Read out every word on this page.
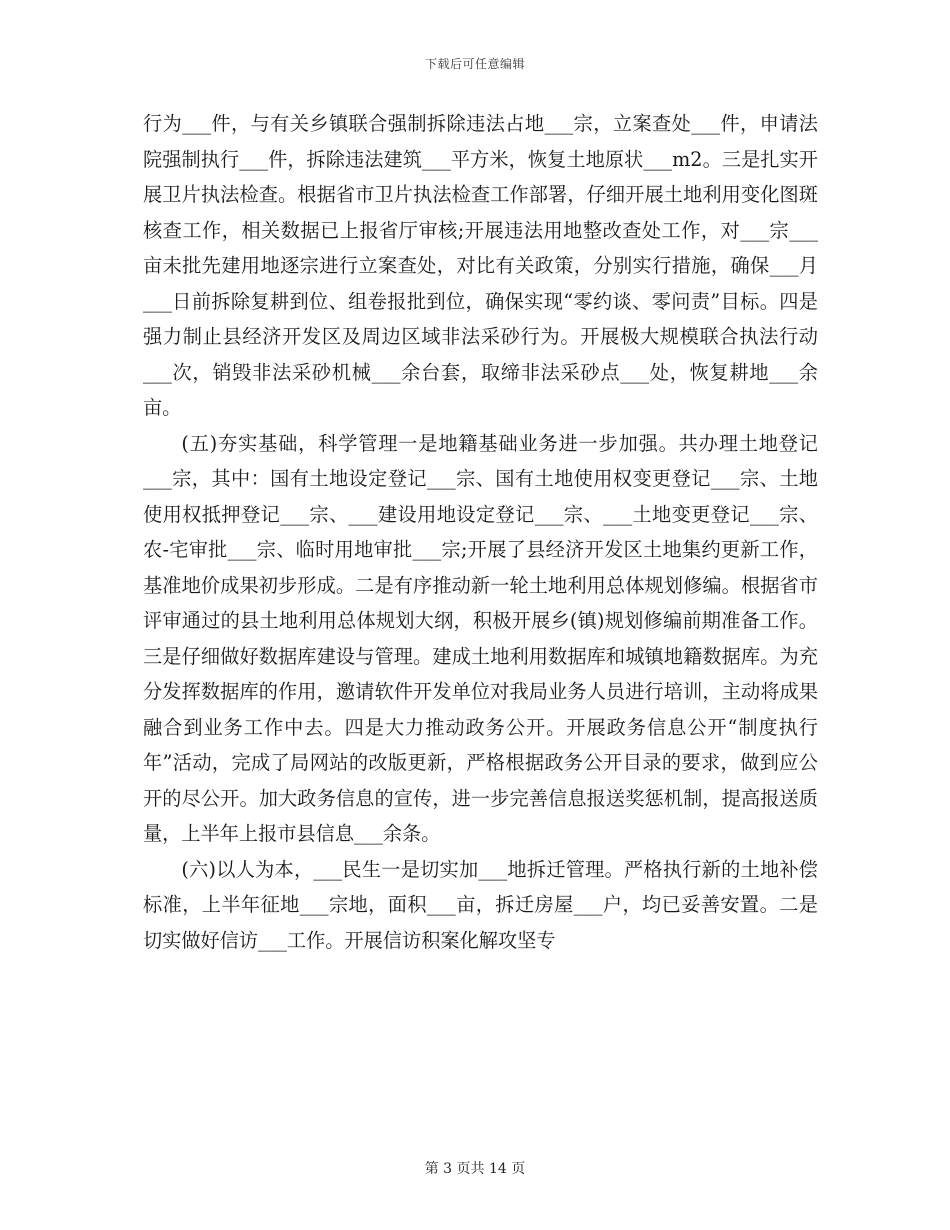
下载后可任意编辑

行为___件，与有关乡镇联合强制拆除违法占地___宗，立案查处___件，申请法院强制执行___件，拆除违法建筑___平方米，恢复土地原状___m2。三是扎实开展卫片执法检查。根据省市卫片执法检查工作部署，仔细开展土地利用变化图斑核查工作，相关数据已上报省厅审核;开展违法用地整改查处工作，对___宗___亩未批先建用地逐宗进行立案查处，对比有关政策，分别实行措施，确保___月___日前拆除复耕到位、组卷报批到位，确保实现“零约谈、零问责”目标。四是强力制止县经济开发区及周边区域非法采砂行为。开展极大规模联合执法行动___次，销毁非法采砂机械___余台套，取缔非法采砂点___处，恢复耕地___余亩。

(五)夯实基础，科学管理一是地籍基础业务进一步加强。共办理土地登记___宗，其中：国有土地设定登记___宗、国有土地使用权变更登记___宗、土地使用权抵押登记___宗、___建设用地设定登记___宗、___土地变更登记___宗、农-宅审批___宗、临时用地审批___宗;开展了县经济开发区土地集约更新工作，基准地价成果初步形成。二是有序推动新一轮土地利用总体规划修编。根据省市评审通过的县土地利用总体规划大纲，积极开展乡(镇)规划修编前期准备工作。三是仔细做好数据库建设与管理。建成土地利用数据库和城镇地籍数据库。为充分发挥数据库的作用，邀请软件开发单位对我局业务人员进行培训，主动将成果融合到业务工作中去。四是大力推动政务公开。开展政务信息公开“制度执行年”活动，完成了局网站的改版更新，严格根据政务公开目录的要求，做到应公开的尽公开。加大政务信息的宣传，进一步完善信息报送奖惩机制，提高报送质量，上半年上报市县信息___余条。

(六)以人为本，___民生一是切实加___地拆迁管理。严格执行新的土地补偿标准，上半年征地___宗地，面积___亩，拆迁房屋___户，均已妥善安置。二是切实做好信访___工作。开展信访积案化解攻坚专

第 3 页共 14 页
